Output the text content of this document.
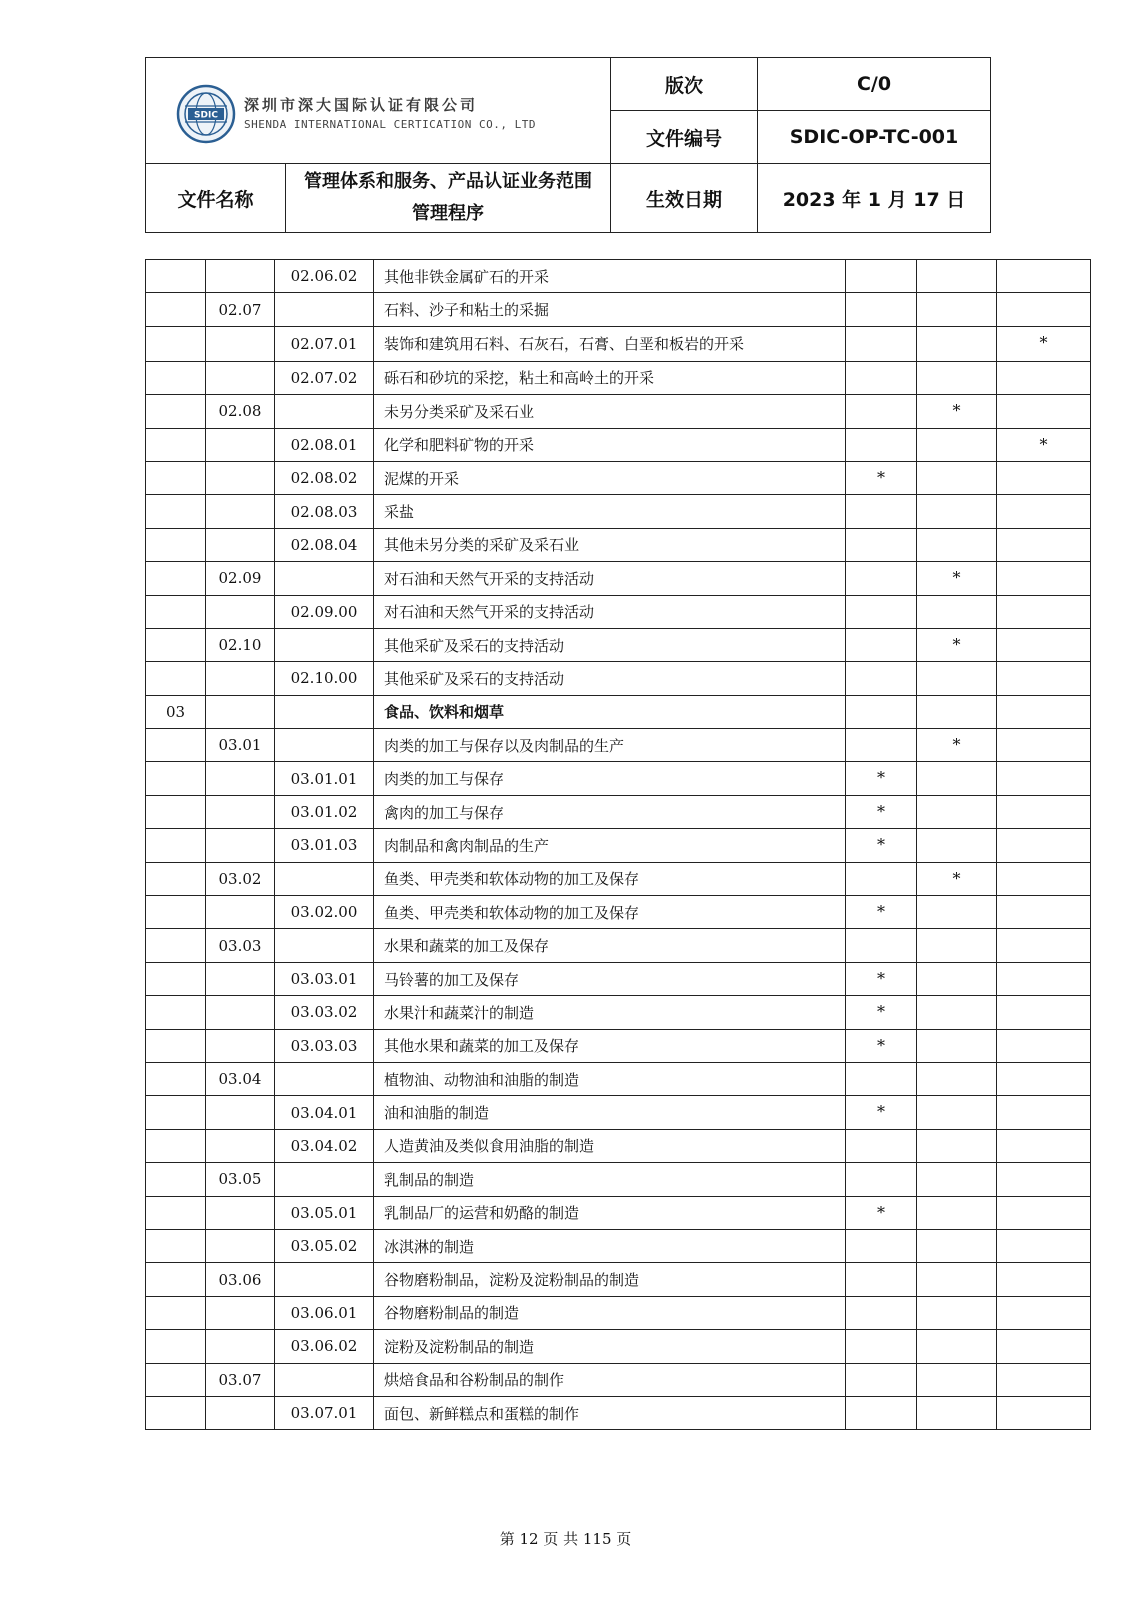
SDIC
深圳市深大国际认证有限公司
SHENDA INTERNATIONAL CERTICATION CO., LTD
版次	C/0
文件编号	SDIC-OP-TC-001
文件名称
管理体系和服务、产品认证业务范围管理程序
生效日期	2023 年 1 月 17 日
		02.06.02	其他非铁金属矿石的开采			
	02.07		石料、沙子和粘土的采掘			
		02.07.01	装饰和建筑用石料、石灰石，石膏、白垩和板岩的开采			*
		02.07.02	砾石和砂坑的采挖，粘土和高岭土的开采			
	02.08		未另分类采矿及采石业		*	
		02.08.01	化学和肥料矿物的开采			*
		02.08.02	泥煤的开采	*		
		02.08.03	采盐			
		02.08.04	其他未另分类的采矿及采石业			
	02.09		对石油和天然气开采的支持活动		*	
		02.09.00	对石油和天然气开采的支持活动			
	02.10		其他采矿及采石的支持活动		*	
		02.10.00	其他采矿及采石的支持活动			
03			食品、饮料和烟草			
	03.01		肉类的加工与保存以及肉制品的生产		*	
		03.01.01	肉类的加工与保存	*		
		03.01.02	禽肉的加工与保存	*		
		03.01.03	肉制品和禽肉制品的生产	*		
	03.02		鱼类、甲壳类和软体动物的加工及保存		*	
		03.02.00	鱼类、甲壳类和软体动物的加工及保存	*		
	03.03		水果和蔬菜的加工及保存			
		03.03.01	马铃薯的加工及保存	*		
		03.03.02	水果汁和蔬菜汁的制造	*		
		03.03.03	其他水果和蔬菜的加工及保存	*		
	03.04		植物油、动物油和油脂的制造			
		03.04.01	油和油脂的制造	*		
		03.04.02	人造黄油及类似食用油脂的制造			
	03.05		乳制品的制造			
		03.05.01	乳制品厂的运营和奶酪的制造	*		
		03.05.02	冰淇淋的制造			
	03.06		谷物磨粉制品，淀粉及淀粉制品的制造			
		03.06.01	谷物磨粉制品的制造			
		03.06.02	淀粉及淀粉制品的制造			
	03.07		烘焙食品和谷粉制品的制作			
		03.07.01	面包、新鲜糕点和蛋糕的制作			
第 12 页 共 115 页
